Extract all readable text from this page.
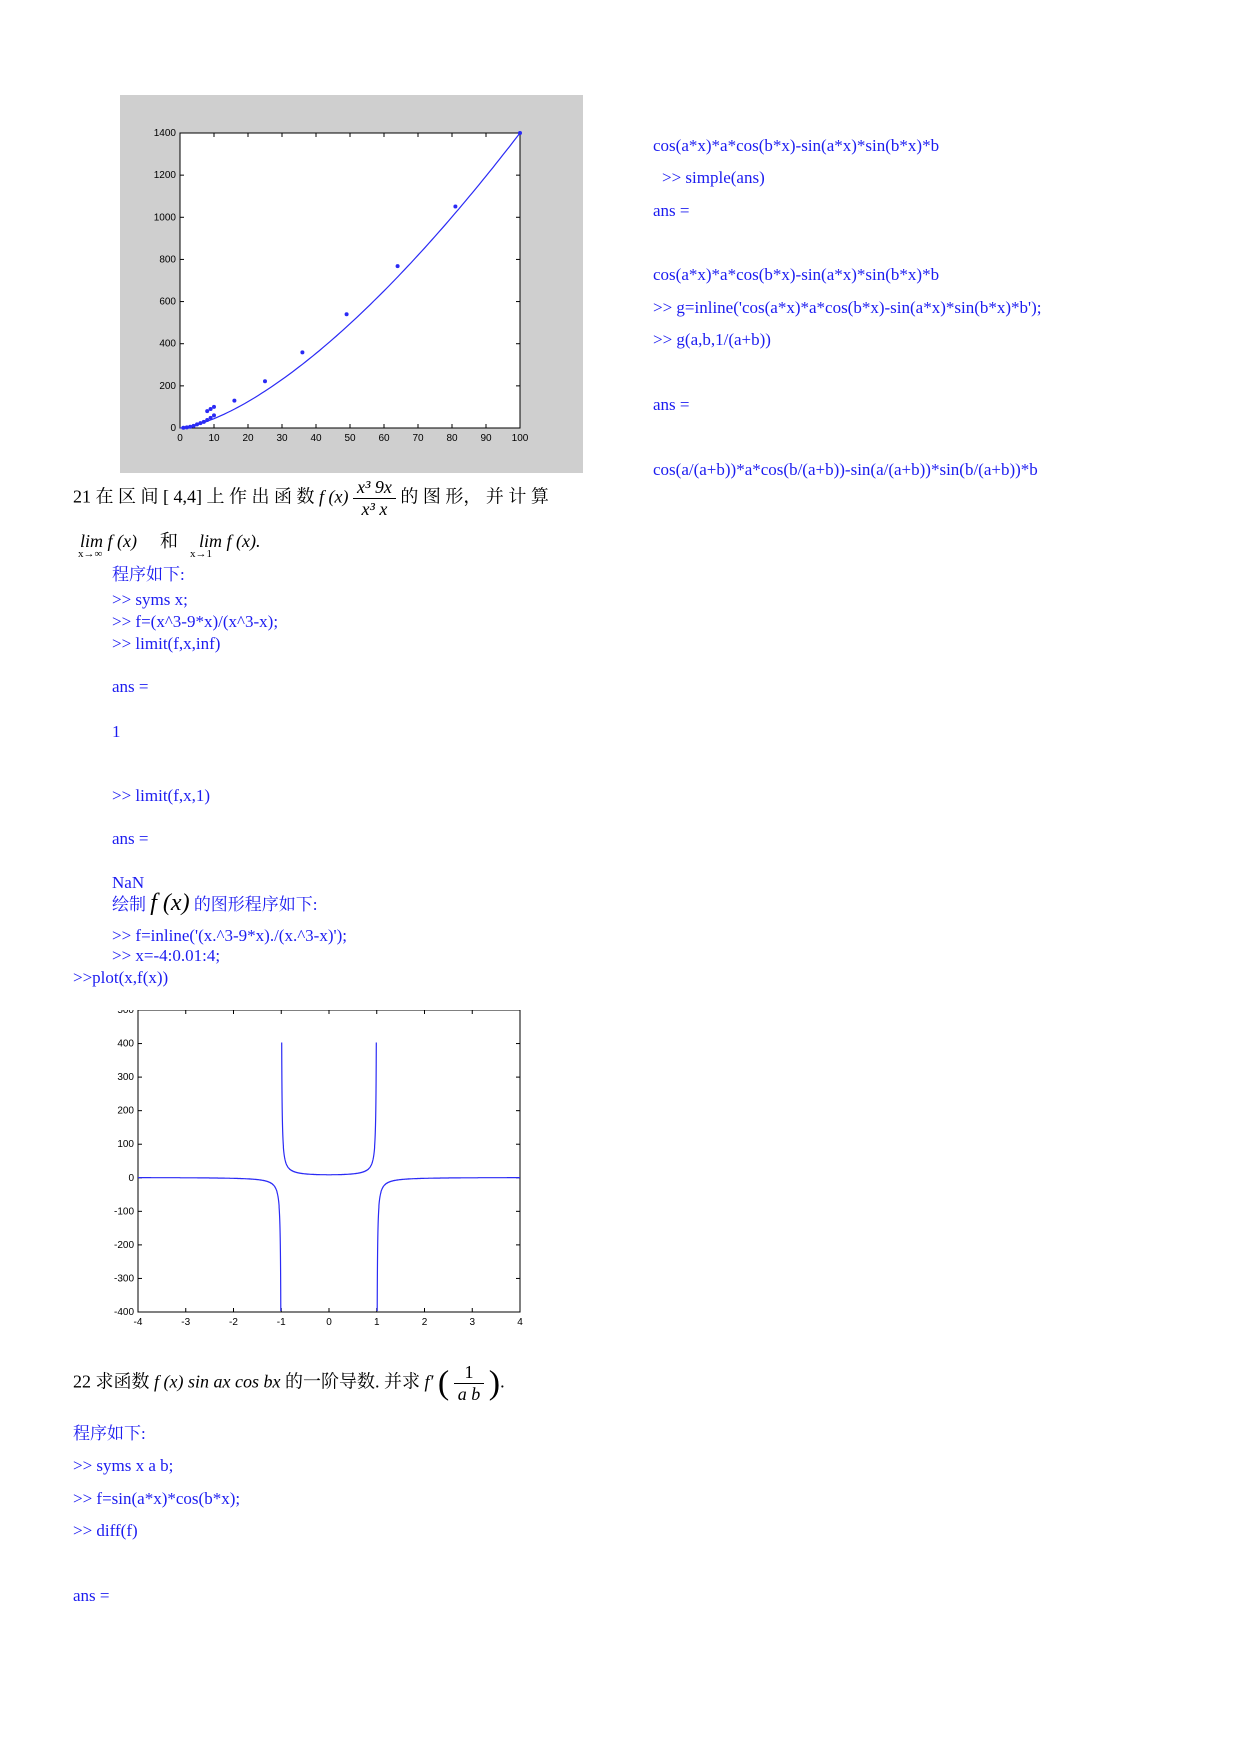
0	10 20 30 40 50 60 70 80 90 100
0
200
400
600
800
1000
1200
1400
cos(a*x)*a*cos(b*x)-sin(a*x)*sin(b*x)*b
>> simple(ans)
ans =
cos(a*x)*a*cos(b*x)-sin(a*x)*sin(b*x)*b
>> g=inline('cos(a*x)*a*cos(b*x)-sin(a*x)*sin(b*x)*b');
>> g(a,b,1/(a+b))
ans =
cos(a/(a+b))*a*cos(b/(a+b))-sin(a/(a+b))*sin(b/(a+b))*b
21 在 区 间 [ 4,4] 上 作 出 函 数 f $(x) \frac{\text{x³ 9x}}{\text{x³ x}}$ 的 图 形， 并 计 算
lim f (x) 和 lim f (x).
x→∞	x→1
程序如下:
>> syms x;
>> f=(x^3-9*x)/(x^3-x);
>> limit(f,x,inf)
ans =
1
>> limit(f,x,1)
ans =
NaN
绘制 f (x) 的图形程序如下:
>> f=inline('(x.^3-9*x)./(x.^3-x)');
>> x=-4:0.01:4;
>>plot(x,f(x))
-4	-3	-2	-1	0	1	2	3	4
-400
-300
-200
-100
0
100
200
300
400
500
22 求函数 f (x) sin ax cos bx 的一阶导数. 并求 f′ ( $\frac{1}{\text{a b}}$ ).
程序如下:
>> syms x a b;
>> f=sin(a*x)*cos(b*x);
>> diff(f)
ans =
